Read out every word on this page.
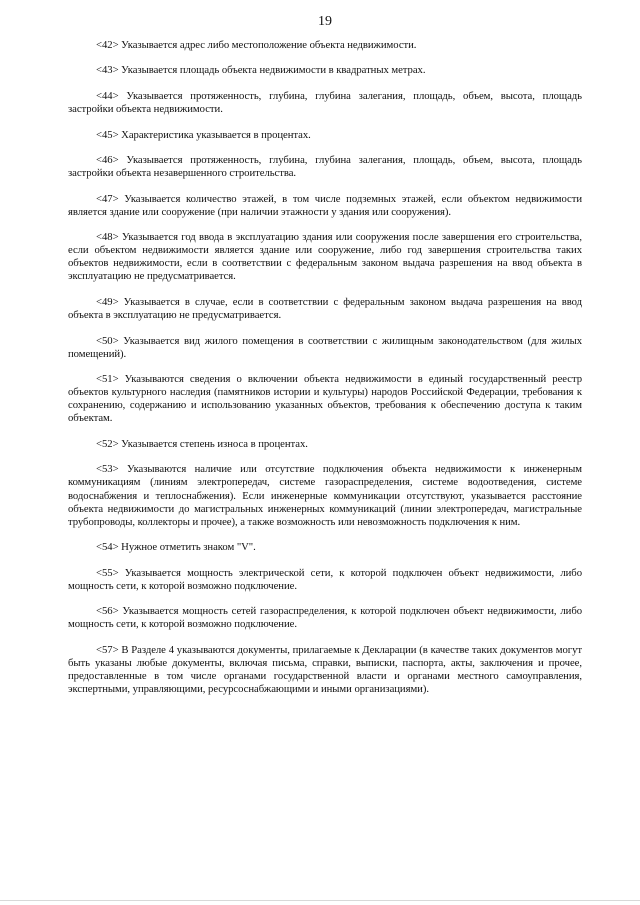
19

<42> Указывается адрес либо местоположение объекта недвижимости.

<43> Указывается площадь объекта недвижимости в квадратных метрах.

<44> Указывается протяженность, глубина, глубина залегания, площадь, объем, высота, площадь застройки объекта недвижимости.

<45> Характеристика указывается в процентах.

<46> Указывается протяженность, глубина, глубина залегания, площадь, объем, высота, площадь застройки объекта незавершенного строительства.

<47> Указывается количество этажей, в том числе подземных этажей, если объектом недвижимости является здание или сооружение (при наличии этажности у здания или сооружения).

<48> Указывается год ввода в эксплуатацию здания или сооружения после завершения его строительства, если объектом недвижимости является здание или сооружение, либо год завершения строительства таких объектов недвижимости, если в соответствии с федеральным законом выдача разрешения на ввод объекта в эксплуатацию не предусматривается.

<49> Указывается в случае, если в соответствии с федеральным законом выдача разрешения на ввод объекта в эксплуатацию не предусматривается.

<50> Указывается вид жилого помещения в соответствии с жилищным законодательством (для жилых помещений).

<51> Указываются сведения о включении объекта недвижимости в единый государственный реестр объектов культурного наследия (памятников истории и культуры) народов Российской Федерации, требования к сохранению, содержанию и использованию указанных объектов, требования к обеспечению доступа к таким объектам.

<52> Указывается степень износа в процентах.

<53> Указываются наличие или отсутствие подключения объекта недвижимости к инженерным коммуникациям (линиям электропередач, системе газораспределения, системе водоотведения, системе водоснабжения и теплоснабжения). Если инженерные коммуникации отсутствуют, указывается расстояние объекта недвижимости до магистральных инженерных коммуникаций (линии электропередач, магистральные трубопроводы, коллекторы и прочее), а также возможность или невозможность подключения к ним.

<54> Нужное отметить знаком "V".

<55> Указывается мощность электрической сети, к которой подключен объект недвижимости, либо мощность сети, к которой возможно подключение.

<56> Указывается мощность сетей газораспределения, к которой подключен объект недвижимости, либо мощность сети, к которой возможно подключение.

<57> В Разделе 4 указываются документы, прилагаемые к Декларации (в качестве таких документов могут быть указаны любые документы, включая письма, справки, выписки, паспорта, акты, заключения и прочее, предоставленные в том числе органами государственной власти и органами местного самоуправления, экспертными, управляющими, ресурсоснабжающими и иными организациями).
